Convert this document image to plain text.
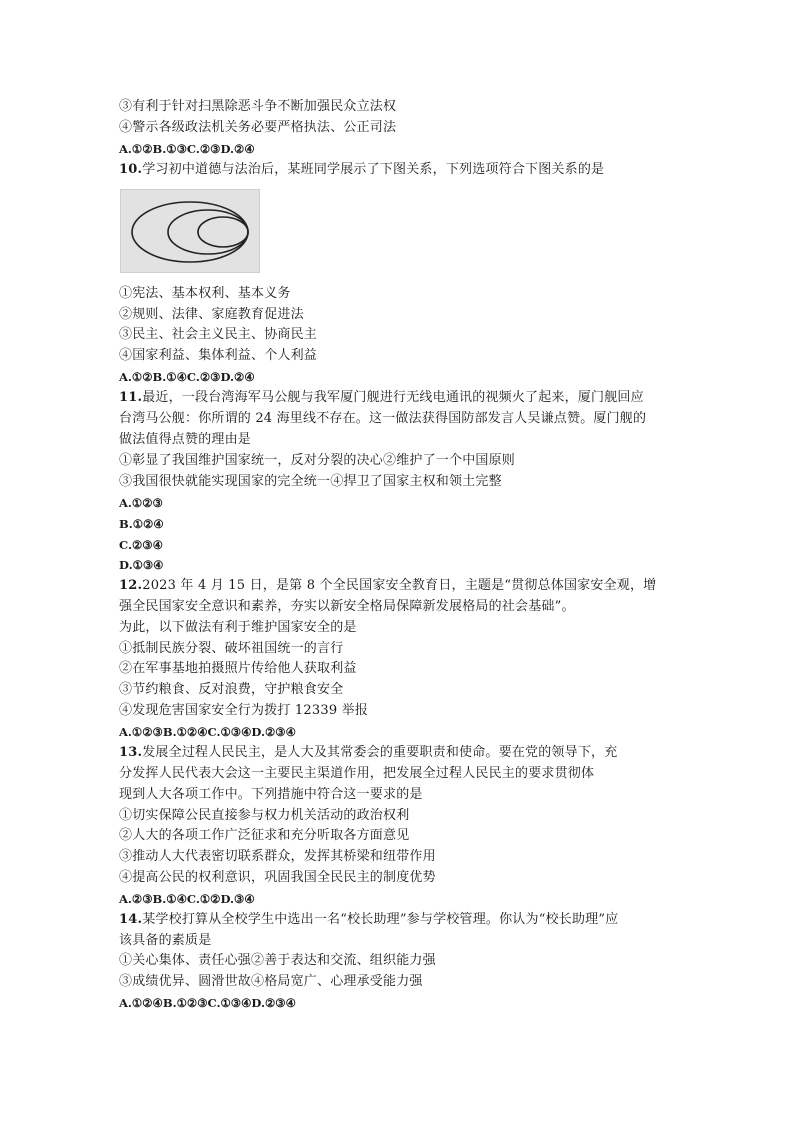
③有利于针对扫黑除恶斗争不断加强民众立法权
④警示各级政法机关务必要严格执法、公正司法
A.①②B.①③C.②③D.②④
10.学习初中道德与法治后，某班同学展示了下图关系，下列选项符合下图关系的是
①宪法、基本权利、基本义务
②规则、法律、家庭教育促进法
③民主、社会主义民主、协商民主
④国家利益、集体利益、个人利益
A.①②B.①④C.②③D.②④
11.最近，一段台湾海军马公舰与我军厦门舰进行无线电通讯的视频火了起来，厦门舰回应
台湾马公舰：你所谓的 24 海里线不存在。这一做法获得国防部发言人吴谦点赞。厦门舰的
做法值得点赞的理由是
①彰显了我国维护国家统一，反对分裂的决心②维护了一个中国原则
③我国很快就能实现国家的完全统一④捍卫了国家主权和领土完整
A.①②③
B.①②④
C.②③④
D.①③④
12.2023 年 4 月 15 日，是第 8 个全民国家安全教育日，主题是“贯彻总体国家安全观，增
强全民国家安全意识和素养，夯实以新安全格局保障新发展格局的社会基础”。
为此，以下做法有利于维护国家安全的是
①抵制民族分裂、破坏祖国统一的言行
②在军事基地拍摄照片传给他人获取利益
③节约粮食、反对浪费，守护粮食安全
④发现危害国家安全行为拨打 12339 举报
A.①②③B.①②④C.①③④D.②③④
13.发展全过程人民民主，是人大及其常委会的重要职责和使命。要在党的领导下，充
分发挥人民代表大会这一主要民主渠道作用，把发展全过程人民民主的要求贯彻体
现到人大各项工作中。下列措施中符合这一要求的是
①切实保障公民直接参与权力机关活动的政治权利
②人大的各项工作广泛征求和充分听取各方面意见
③推动人大代表密切联系群众，发挥其桥梁和纽带作用
④提高公民的权利意识，巩固我国全民民主的制度优势
A.②③B.①④C.①②D.③④
14.某学校打算从全校学生中选出一名“校长助理”参与学校管理。你认为“校长助理”应
该具备的素质是
①关心集体、责任心强②善于表达和交流、组织能力强
③成绩优异、圆滑世故④格局宽广、心理承受能力强
A.①②④B.①②③C.①③④D.②③④
